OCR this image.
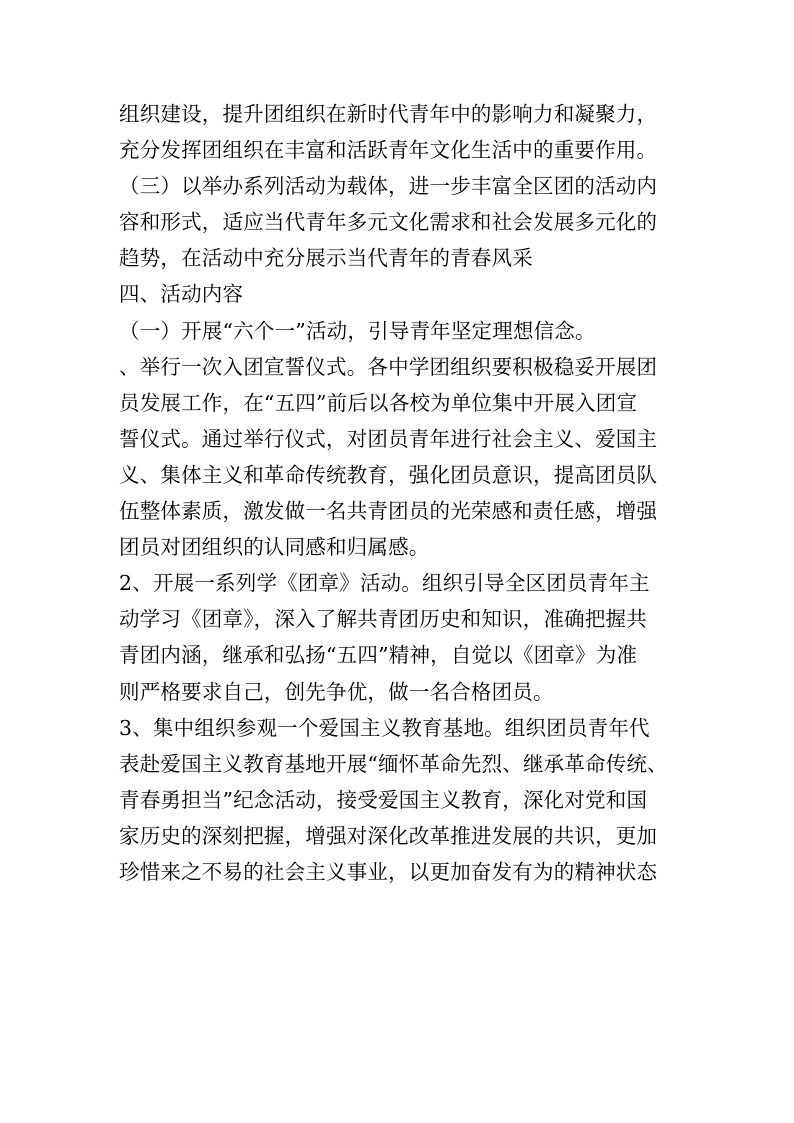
组织建设，提升团组织在新时代青年中的影响力和凝聚力，
充分发挥团组织在丰富和活跃青年文化生活中的重要作用。
（三）以举办系列活动为载体，进一步丰富全区团的活动内
容和形式，适应当代青年多元文化需求和社会发展多元化的
趋势，在活动中充分展示当代青年的青春风采
四、活动内容
（一）开展“六个一”活动，引导青年坚定理想信念。
、举行一次入团宣誓仪式。各中学团组织要积极稳妥开展团
员发展工作，在“五四”前后以各校为单位集中开展入团宣
誓仪式。通过举行仪式，对团员青年进行社会主义、爱国主
义、集体主义和革命传统教育，强化团员意识，提高团员队
伍整体素质，激发做一名共青团员的光荣感和责任感，增强
团员对团组织的认同感和归属感。
2、开展一系列学《团章》活动。组织引导全区团员青年主
动学习《团章》，深入了解共青团历史和知识，准确把握共
青团内涵，继承和弘扬“五四”精神，自觉以《团章》为准
则严格要求自己，创先争优，做一名合格团员。
3、集中组织参观一个爱国主义教育基地。组织团员青年代
表赴爱国主义教育基地开展“缅怀革命先烈、继承革命传统、
青春勇担当”纪念活动，接受爱国主义教育，深化对党和国
家历史的深刻把握，增强对深化改革推进发展的共识，更加
珍惜来之不易的社会主义事业，以更加奋发有为的精神状态
